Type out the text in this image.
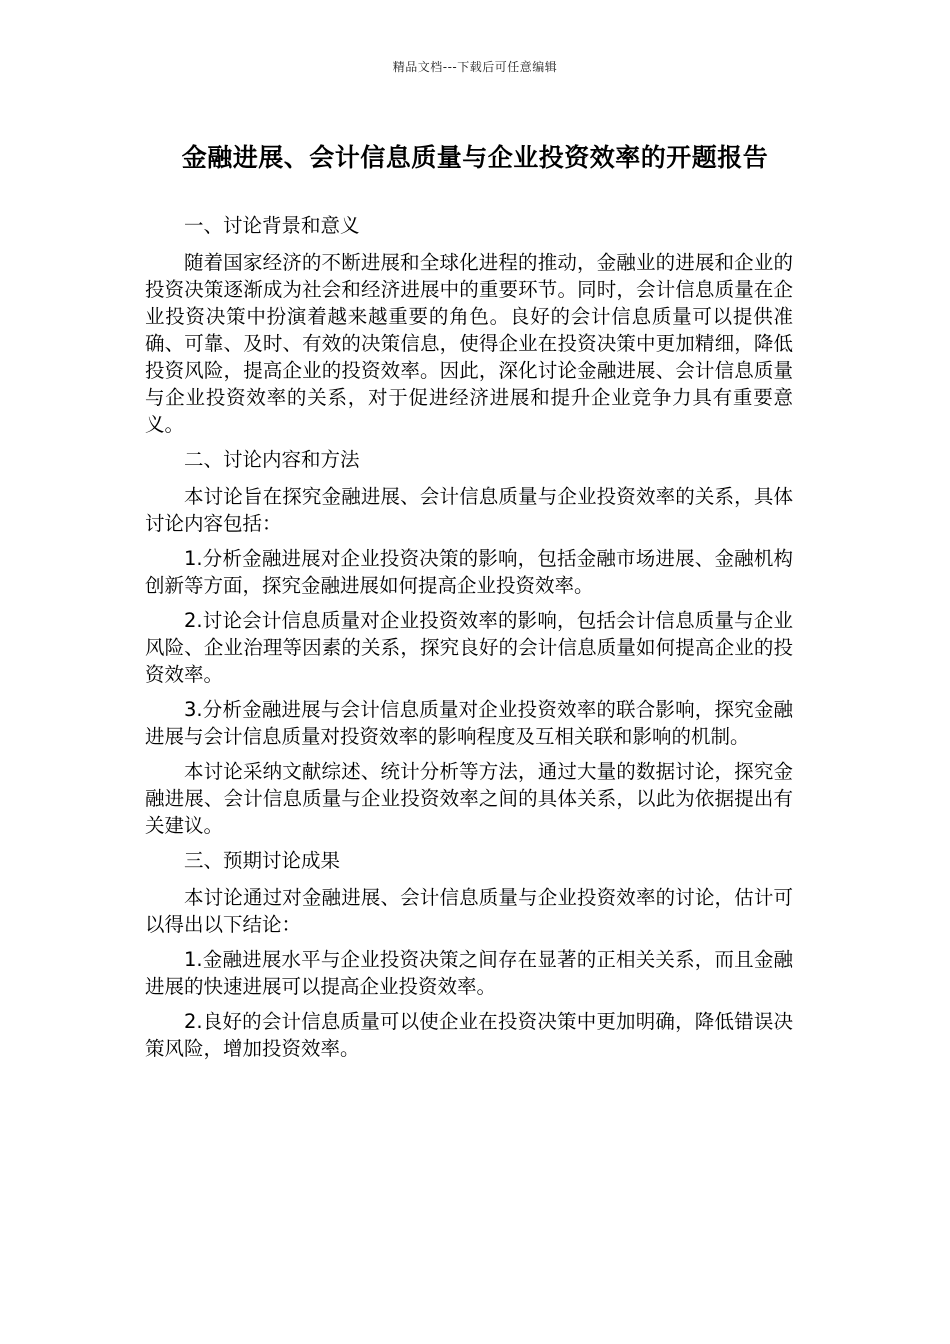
精品文档---下载后可任意编辑
金融进展、会计信息质量与企业投资效率的开题报告

一、讨论背景和意义

随着国家经济的不断进展和全球化进程的推动，金融业的进展和企业的投资决策逐渐成为社会和经济进展中的重要环节。同时，会计信息质量在企业投资决策中扮演着越来越重要的角色。良好的会计信息质量可以提供准确、可靠、及时、有效的决策信息，使得企业在投资决策中更加精细，降低投资风险，提高企业的投资效率。因此，深化讨论金融进展、会计信息质量与企业投资效率的关系，对于促进经济进展和提升企业竞争力具有重要意义。

二、讨论内容和方法

本讨论旨在探究金融进展、会计信息质量与企业投资效率的关系，具体讨论内容包括：

1.分析金融进展对企业投资决策的影响，包括金融市场进展、金融机构创新等方面，探究金融进展如何提高企业投资效率。

2.讨论会计信息质量对企业投资效率的影响，包括会计信息质量与企业风险、企业治理等因素的关系，探究良好的会计信息质量如何提高企业的投资效率。

3.分析金融进展与会计信息质量对企业投资效率的联合影响，探究金融进展与会计信息质量对投资效率的影响程度及互相关联和影响的机制。

本讨论采纳文献综述、统计分析等方法，通过大量的数据讨论，探究金融进展、会计信息质量与企业投资效率之间的具体关系，以此为依据提出有关建议。

三、预期讨论成果

本讨论通过对金融进展、会计信息质量与企业投资效率的讨论，估计可以得出以下结论：

1.金融进展水平与企业投资决策之间存在显著的正相关关系，而且金融进展的快速进展可以提高企业投资效率。

2.良好的会计信息质量可以使企业在投资决策中更加明确，降低错误决策风险，增加投资效率。
